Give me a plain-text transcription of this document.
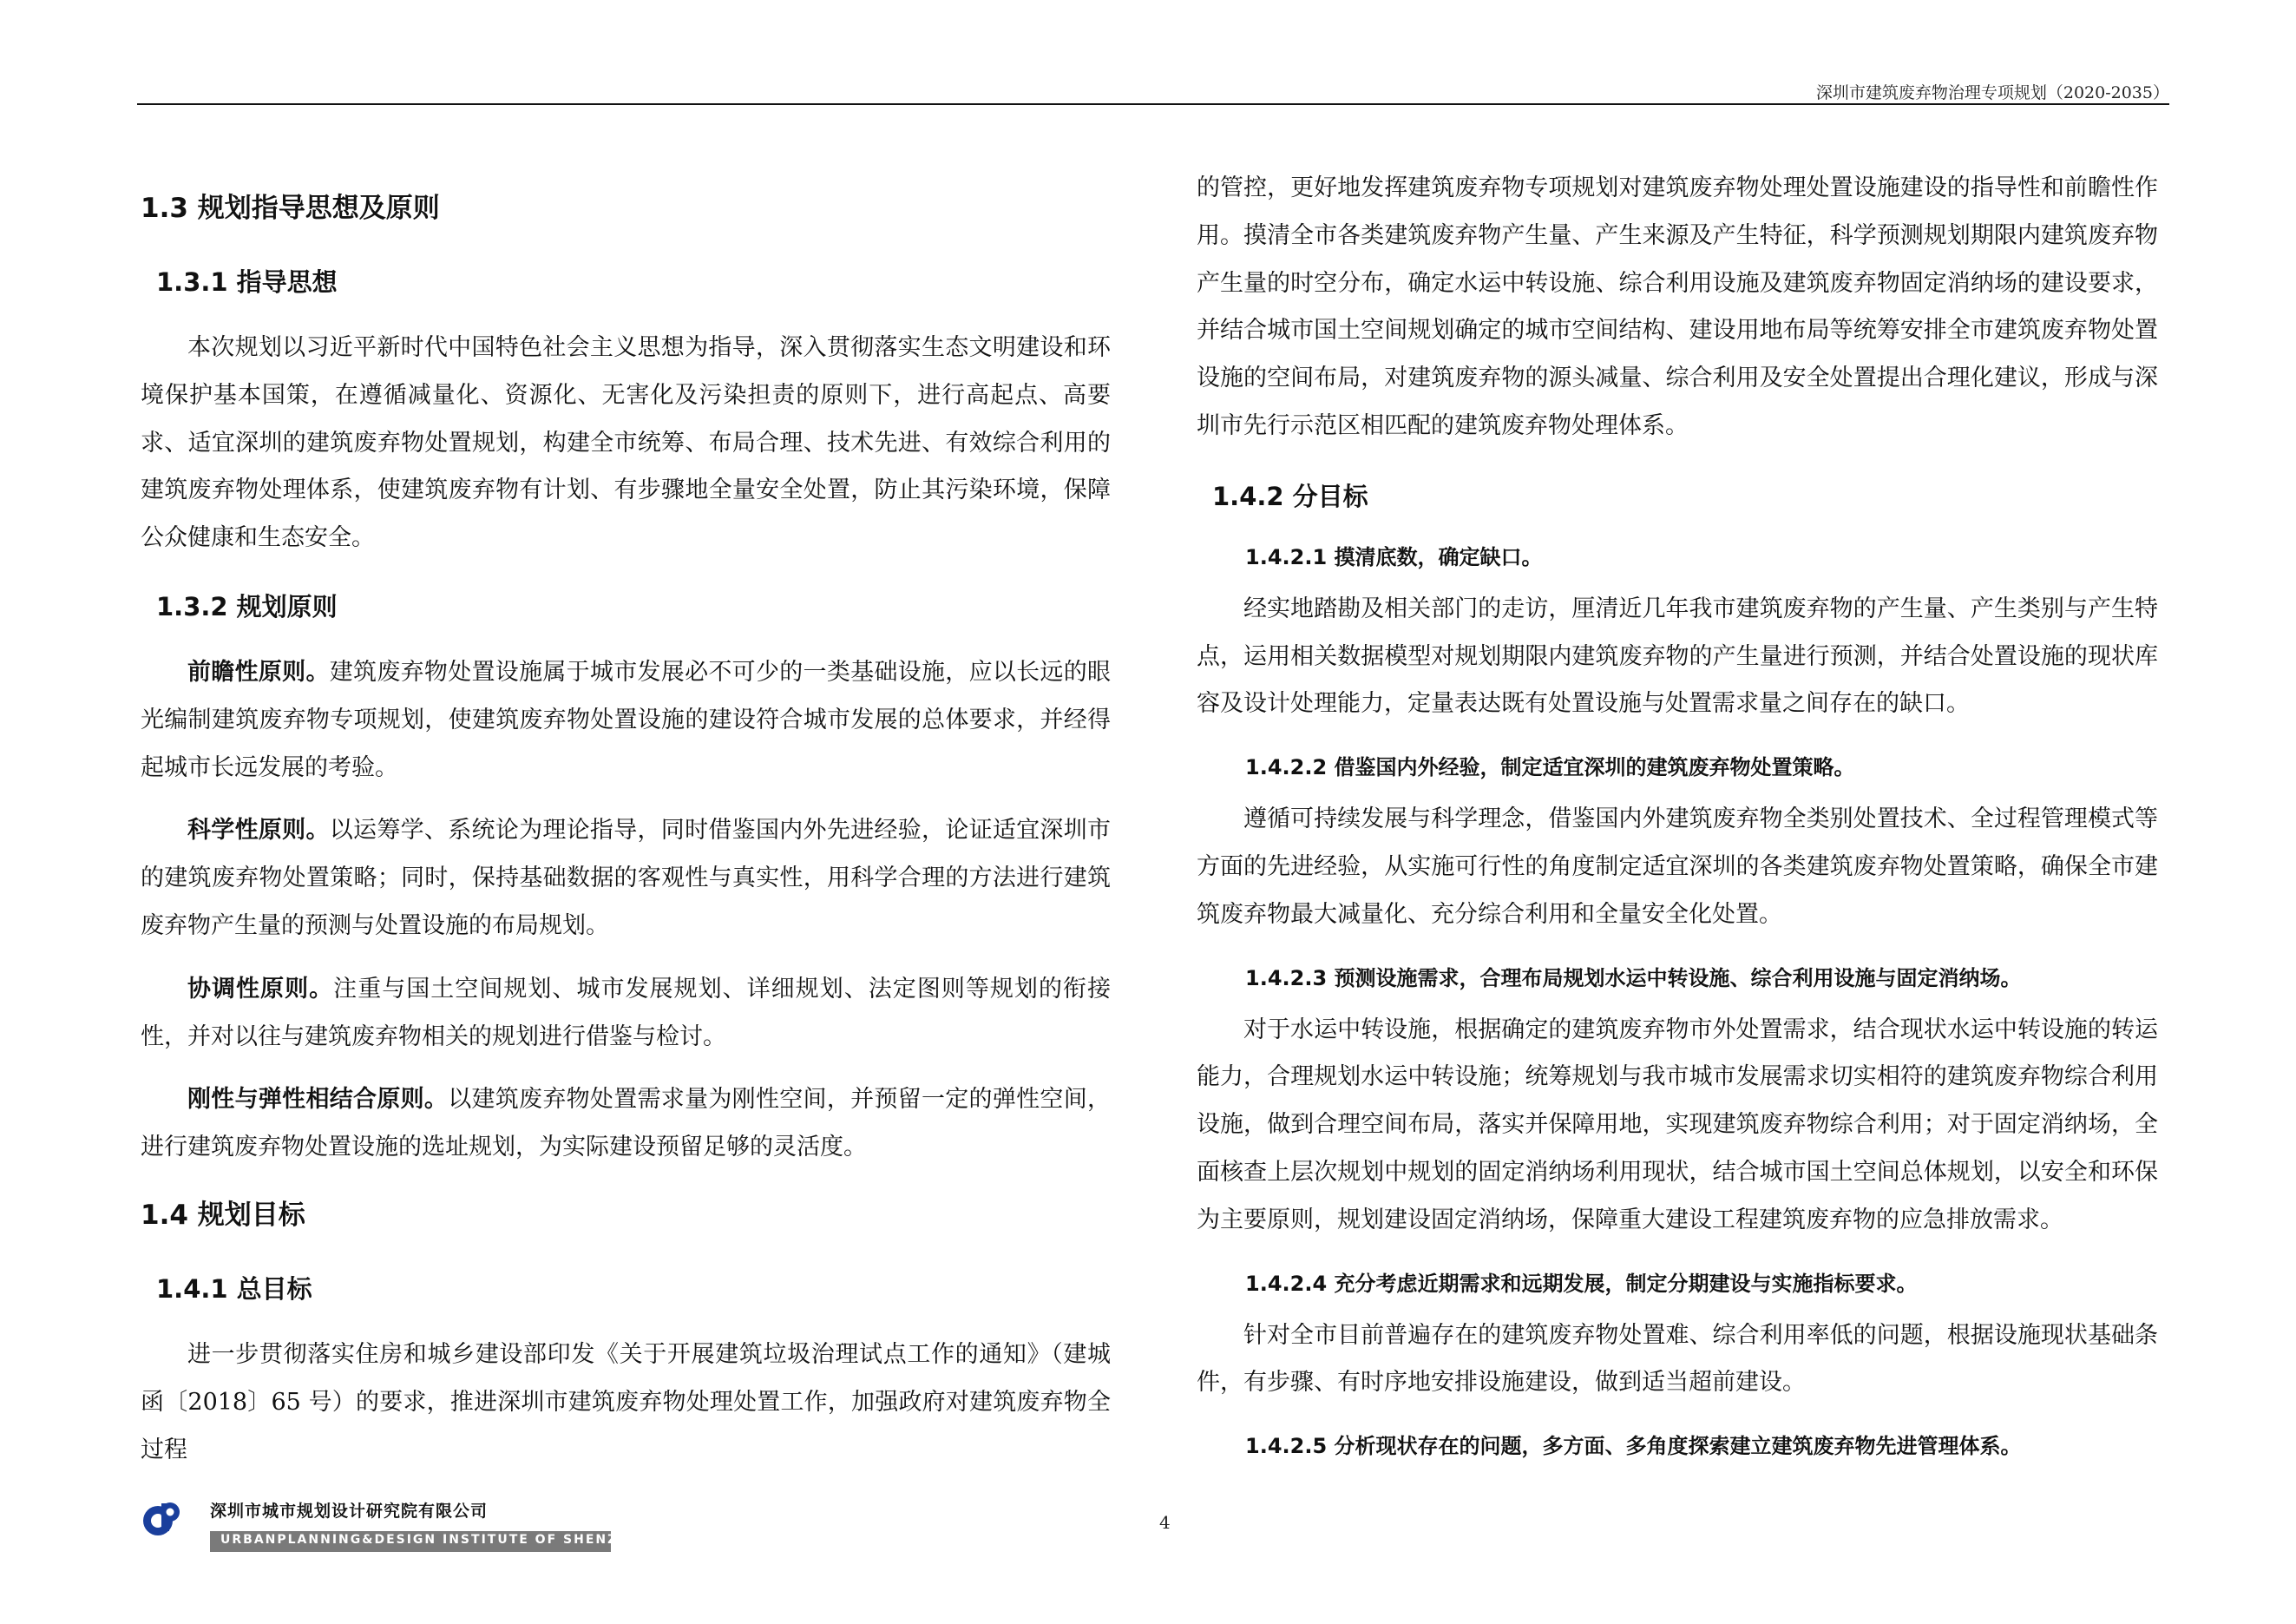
深圳市建筑废弃物治理专项规划（2020-2035）
1.3 规划指导思想及原则
1.3.1 指导思想

本次规划以习近平新时代中国特色社会主义思想为指导，深入贯彻落实生态文明建设和环境保护基本国策，在遵循减量化、资源化、无害化及污染担责的原则下，进行高起点、高要求、适宜深圳的建筑废弃物处置规划，构建全市统筹、布局合理、技术先进、有效综合利用的建筑废弃物处理体系，使建筑废弃物有计划、有步骤地全量安全处置，防止其污染环境，保障公众健康和生态安全。

1.3.2 规划原则

前瞻性原则。建筑废弃物处置设施属于城市发展必不可少的一类基础设施，应以长远的眼光编制建筑废弃物专项规划，使建筑废弃物处置设施的建设符合城市发展的总体要求，并经得起城市长远发展的考验。

科学性原则。以运筹学、系统论为理论指导，同时借鉴国内外先进经验，论证适宜深圳市的建筑废弃物处置策略；同时，保持基础数据的客观性与真实性，用科学合理的方法进行建筑废弃物产生量的预测与处置设施的布局规划。

协调性原则。注重与国土空间规划、城市发展规划、详细规划、法定图则等规划的衔接性，并对以往与建筑废弃物相关的规划进行借鉴与检讨。

刚性与弹性相结合原则。以建筑废弃物处置需求量为刚性空间，并预留一定的弹性空间，进行建筑废弃物处置设施的选址规划，为实际建设预留足够的灵活度。

1.4 规划目标
1.4.1 总目标

进一步贯彻落实住房和城乡建设部印发《关于开展建筑垃圾治理试点工作的通知》（建城函〔2018〕65 号）的要求，推进深圳市建筑废弃物处理处置工作，加强政府对建筑废弃物全过程

的管控，更好地发挥建筑废弃物专项规划对建筑废弃物处理处置设施建设的指导性和前瞻性作用。摸清全市各类建筑废弃物产生量、产生来源及产生特征，科学预测规划期限内建筑废弃物产生量的时空分布，确定水运中转设施、综合利用设施及建筑废弃物固定消纳场的建设要求，并结合城市国土空间规划确定的城市空间结构、建设用地布局等统筹安排全市建筑废弃物处置设施的空间布局，对建筑废弃物的源头减量、综合利用及安全处置提出合理化建议，形成与深圳市先行示范区相匹配的建筑废弃物处理体系。

1.4.2 分目标
1.4.2.1 摸清底数，确定缺口。

经实地踏勘及相关部门的走访，厘清近几年我市建筑废弃物的产生量、产生类别与产生特点，运用相关数据模型对规划期限内建筑废弃物的产生量进行预测，并结合处置设施的现状库容及设计处理能力，定量表达既有处置设施与处置需求量之间存在的缺口。

1.4.2.2 借鉴国内外经验，制定适宜深圳的建筑废弃物处置策略。

遵循可持续发展与科学理念，借鉴国内外建筑废弃物全类别处置技术、全过程管理模式等方面的先进经验，从实施可行性的角度制定适宜深圳的各类建筑废弃物处置策略，确保全市建筑废弃物最大减量化、充分综合利用和全量安全化处置。

1.4.2.3 预测设施需求，合理布局规划水运中转设施、综合利用设施与固定消纳场。

对于水运中转设施，根据确定的建筑废弃物市外处置需求，结合现状水运中转设施的转运能力，合理规划水运中转设施；统筹规划与我市城市发展需求切实相符的建筑废弃物综合利用设施，做到合理空间布局，落实并保障用地，实现建筑废弃物综合利用；对于固定消纳场，全面核查上层次规划中规划的固定消纳场利用现状，结合城市国土空间总体规划，以安全和环保为主要原则，规划建设固定消纳场，保障重大建设工程建筑废弃物的应急排放需求。

1.4.2.4 充分考虑近期需求和远期发展，制定分期建设与实施指标要求。

针对全市目前普遍存在的建筑废弃物处置难、综合利用率低的问题，根据设施现状基础条件，有步骤、有时序地安排设施建设，做到适当超前建设。

1.4.2.5 分析现状存在的问题，多方面、多角度探索建立建筑废弃物先进管理体系。
4
深圳市城市规划设计研究院有限公司
URBANPLANNING&DESIGN INSTITUTE OF SHENZHEN
